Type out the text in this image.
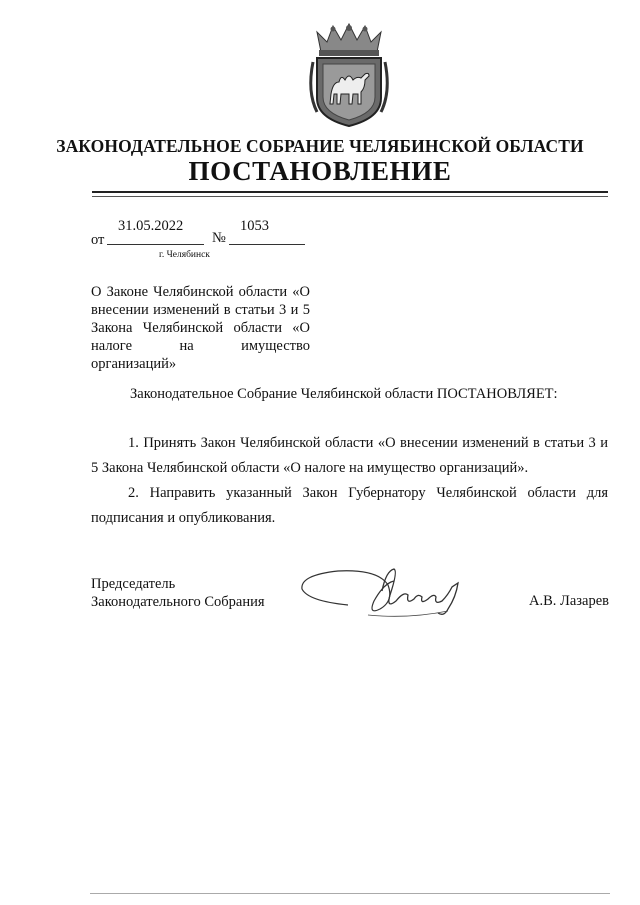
ЗАКОНОДАТЕЛЬНОЕ СОБРАНИЕ ЧЕЛЯБИНСКОЙ ОБЛАСТИ
ПОСТАНОВЛЕНИЕ
от
31.05.2022
№
1053
г. Челябинск
О Законе Челябинской области «О внесении изменений в статьи 3 и 5 Закона Челябинской области «О налоге на имущество организаций»
Законодательное Собрание Челябинской области ПОСТАНОВЛЯЕТ:
1. Принять Закон Челябинской области «О внесении изменений в статьи 3 и 5 Закона Челябинской области «О налоге на имущество организаций».
2. Направить указанный Закон Губернатору Челябинской области для подписания и опубликования.
Председатель
Законодательного Собрания	А.В. Лазарев
